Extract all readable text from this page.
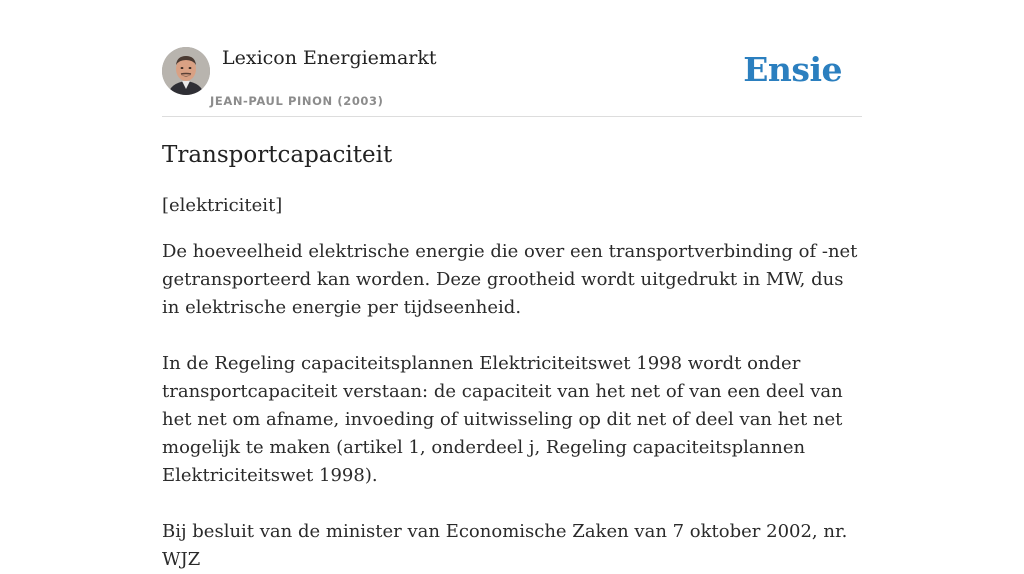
Lexicon Energiemarkt
JEAN-PAUL PINON (2003)
Ensie
Transportcapaciteit

[elektriciteit]

De hoeveelheid elektrische energie die over een transportverbinding of -net getransporteerd kan worden. Deze grootheid wordt uitgedrukt in MW, dus in elektrische energie per tijdseenheid.

In de Regeling capaciteitsplannen Elektriciteitswet 1998 wordt onder transportcapaciteit verstaan: de capaciteit van het net of van een deel van het net om afname, invoeding of uitwisseling op dit net of deel van het net mogelijk te maken (artikel 1, onderdeel j, Regeling capaciteitsplannen Elektriciteitswet 1998).

Bij besluit van de minister van Economische Zaken van 7 oktober 2002, nr. WJZ
